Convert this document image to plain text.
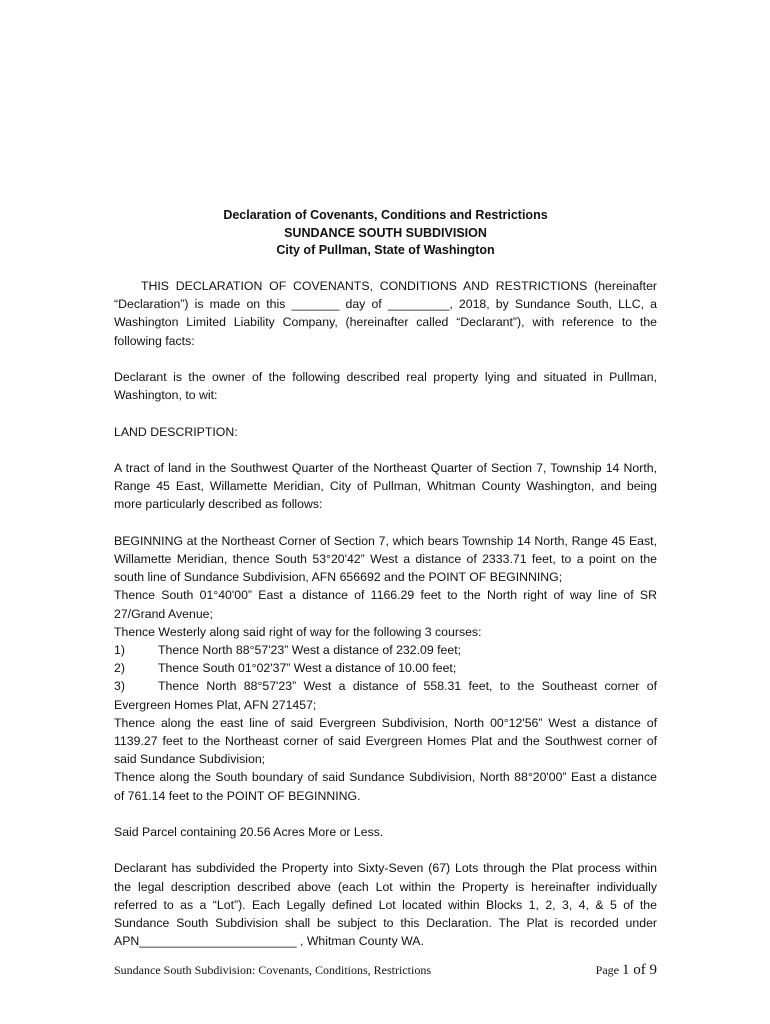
Declaration of Covenants, Conditions and Restrictions
SUNDANCE SOUTH SUBDIVISION
City of Pullman, State of Washington

THIS DECLARATION OF COVENANTS, CONDITIONS AND RESTRICTIONS (hereinafter “Declaration”) is made on this _______ day of _________, 2018, by Sundance South, LLC, a Washington Limited Liability Company, (hereinafter called “Declarant”), with reference to the following facts:

Declarant is the owner of the following described real property lying and situated in Pullman, Washington, to wit:

LAND DESCRIPTION:

A tract of land in the Southwest Quarter of the Northeast Quarter of Section 7, Township 14 North, Range 45 East, Willamette Meridian, City of Pullman, Whitman County Washington, and being more particularly described as follows:

BEGINNING at the Northeast Corner of Section 7, which bears Township 14 North, Range 45 East, Willamette Meridian, thence South 53°20'42” West a distance of 2333.71 feet, to a point on the south line of Sundance Subdivision, AFN 656692 and the POINT OF BEGINNING;
Thence South 01°40'00” East a distance of 1166.29 feet to the North right of way line of SR 27/Grand Avenue;
Thence Westerly along said right of way for the following 3 courses:
1)	Thence North 88°57'23” West a distance of 232.09 feet;
2)	Thence South 01°02'37” West a distance of 10.00 feet;
3)	Thence North 88°57'23” West a distance of 558.31 feet, to the Southeast corner of
Evergreen Homes Plat, AFN 271457;
Thence along the east line of said Evergreen Subdivision, North 00°12'56” West a distance of 1139.27 feet to the Northeast corner of said Evergreen Homes Plat and the Southwest corner of said Sundance Subdivision;
Thence along the South boundary of said Sundance Subdivision, North 88°20'00” East a distance of 761.14 feet to the POINT OF BEGINNING.

Said Parcel containing 20.56 Acres More or Less.

Declarant has subdivided the Property into Sixty-Seven (67) Lots through the Plat process within the legal description described above (each Lot within the Property is hereinafter individually referred to as a “Lot”). Each Legally defined Lot located within Blocks 1, 2, 3, 4, & 5 of the Sundance South Subdivision shall be subject to this Declaration. The Plat is recorded under APN_______________________ , Whitman County WA.

Sundance South Subdivision: Covenants, Conditions, Restrictions	Page 1 of 9
